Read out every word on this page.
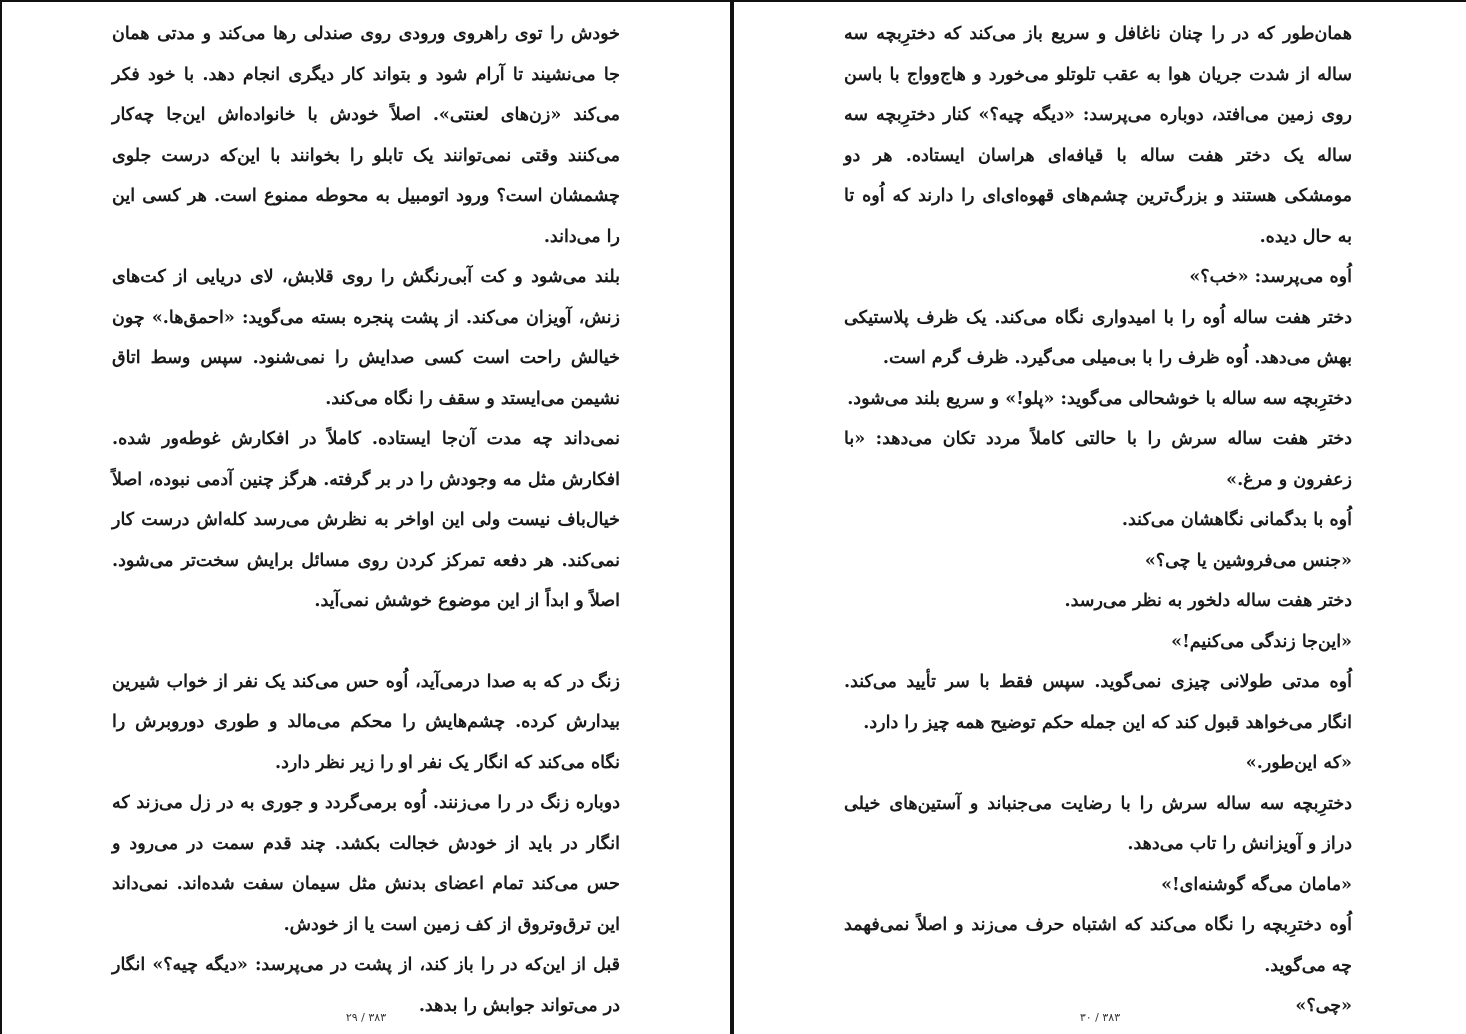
خودش را توی راهروی ورودی روی صندلی رها می‌کند و مدتی همان جا می‌نشیند تا آرام شود و بتواند کار دیگری انجام دهد. با خود فکر می‌کند «زن‌های لعنتی». اصلاً خودش با خانواده‌اش این‌جا چه‌کار می‌کنند وقتی نمی‌توانند یک تابلو را بخوانند با این‌که درست جلوی چشمشان است؟ ورود اتومبیل به محوطه ممنوع است. هر کسی این را می‌داند.

بلند می‌شود و کت آبی‌رنگش را روی قلابش، لای دریایی از کت‌های زنش، آویزان می‌کند. از پشت پنجره بسته می‌گوید: «احمق‌ها.» چون خیالش راحت است کسی صدایش را نمی‌شنود. سپس وسط اتاق نشیمن می‌ایستد و سقف را نگاه می‌کند.

نمی‌داند چه مدت آن‌جا ایستاده. کاملاً در افکارش غوطه‌ور شده. افکارش مثل مه وجودش را در بر گرفته. هرگز چنین آدمی نبوده، اصلاً خیال‌باف نیست ولی این اواخر به نظرش می‌رسد کله‌اش درست کار نمی‌کند. هر دفعه تمرکز کردن روی مسائل برایش سخت‌تر می‌شود. اصلاً و ابداً از این موضوع خوشش نمی‌آید.

زنگ در که به صدا درمی‌آید، اُوه حس می‌کند یک نفر از خواب شیرین بیدارش کرده. چشم‌هایش را محکم می‌مالد و طوری دوروبرش را نگاه می‌کند که انگار یک نفر او را زیر نظر دارد.

دوباره زنگ در را می‌زنند. اُوه برمی‌گردد و جوری به در زل می‌زند که انگار در باید از خودش خجالت بکشد. چند قدم سمت در می‌رود و حس می‌کند تمام اعضای بدنش مثل سیمان سفت شده‌اند. نمی‌داند این ترق‌وتروق از کف زمین است یا از خودش.

قبل از این‌که در را باز کند، از پشت در می‌پرسد: «دیگه چیه؟» انگار در می‌تواند جوابش را بدهد.

۳۸۳ / ۲۹

همان‌طور که در را چنان ناغافل و سریع باز می‌کند که دخترِبچه سه ساله از شدت جریان هوا به عقب تلوتلو می‌خورد و هاج‌وواج با باسن روی زمین می‌افتد، دوباره می‌پرسد: «دیگه چیه؟» کنار دخترِبچه سه ساله یک دختر هفت ساله با قیافه‌ای هراسان ایستاده. هر دو مومشکی هستند و بزرگ‌ترین چشم‌های قهوه‌ای‌ای را دارند که اُوه تا به حال دیده.

اُوه می‌پرسد: «خب؟»

دختر هفت ساله اُوه را با امیدواری نگاه می‌کند. یک ظرف پلاستیکی بهش می‌دهد. اُوه ظرف را با بی‌میلی می‌گیرد. ظرف گرم است.

دخترِبچه سه ساله با خوشحالی می‌گوید: «پلو!» و سریع بلند می‌شود.

دختر هفت ساله سرش را با حالتی کاملاً مردد تکان می‌دهد: «با زعفرون و مرغ.»

اُوه با بدگمانی نگاهشان می‌کند.

«جنس می‌فروشین یا چی؟»

دختر هفت ساله دلخور به نظر می‌رسد.

«این‌جا زندگی می‌کنیم!»

اُوه مدتی طولانی چیزی نمی‌گوید. سپس فقط با سر تأیید می‌کند. انگار می‌خواهد قبول کند که این جمله حکم توضیح همه چیز را دارد.

«که این‌طور.»

دخترِبچه سه ساله سرش را با رضایت می‌جنباند و آستین‌های خیلی دراز و آویزانش را تاب می‌دهد.

«مامان می‌گه گوشنه‌ای!»

اُوه دخترِبچه را نگاه می‌کند که اشتباه حرف می‌زند و اصلاً نمی‌فهمد چه می‌گوید.

«چی؟»

۳۸۳ / ۳۰
